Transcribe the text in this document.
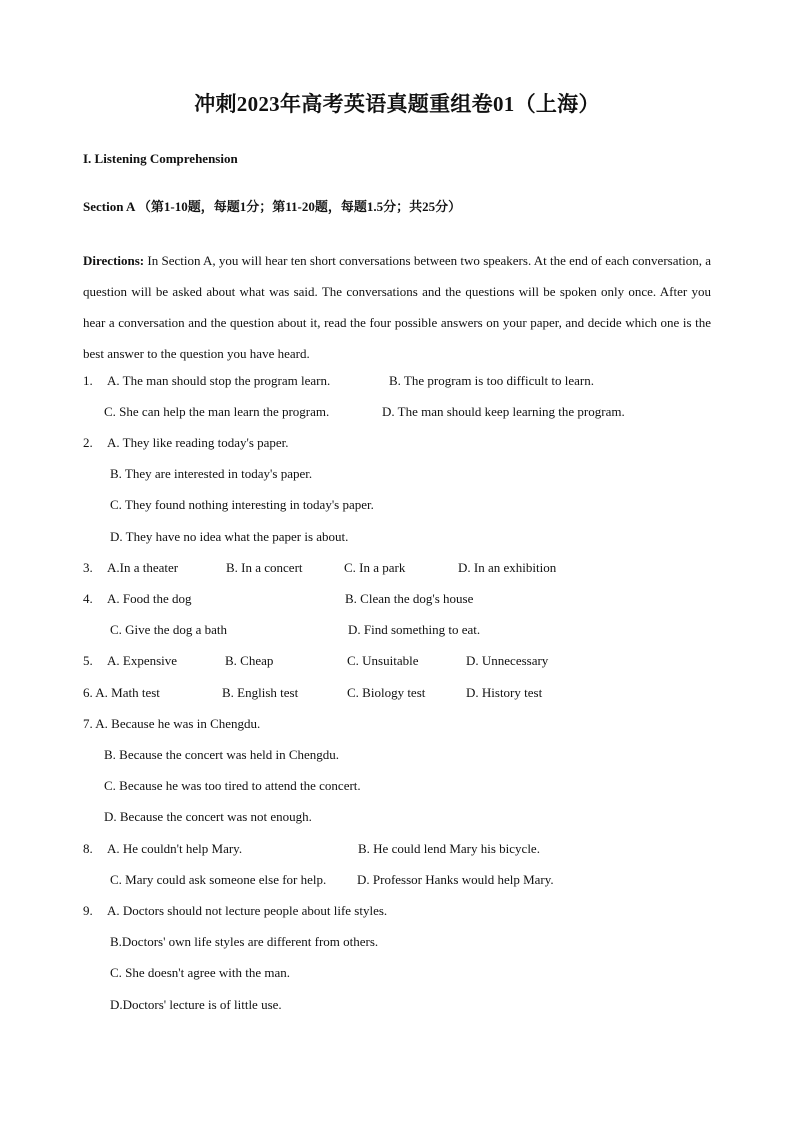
冲刺2023年高考英语真题重组卷01（上海）
I. Listening Comprehension
Section A （第1-10题，每题1分；第11-20题，每题1.5分；共25分）
Directions: In Section A, you will hear ten short conversations between two speakers. At the end of each conversation, a question will be asked about what was said. The conversations and the questions will be spoken only once. After you hear a conversation and the question about it, read the four possible answers on your paper, and decide which one is the best answer to the question you have heard.
1. A. The man should stop the program learn.	B. The program is too difficult to learn.
C. She can help the man learn the program.	D. The man should keep learning the program.
2. A. They like reading today's paper.
B. They are interested in today's paper.
C. They found nothing interesting in today's paper.
D. They have no idea what the paper is about.
3. A.In a theater	B. In a concert	C. In a park	D. In an exhibition
4. A. Food the dog	B. Clean the dog's house
C. Give the dog a bath	D. Find something to eat.
5. A. Expensive	B. Cheap	C. Unsuitable	D. Unnecessary
6. A. Math test	B. English test	C. Biology test	D. History test
7. A. Because he was in Chengdu.
B. Because the concert was held in Chengdu.
C. Because he was too tired to attend the concert.
D. Because the concert was not enough.
8. A. He couldn't help Mary.	B. He could lend Mary his bicycle.
C. Mary could ask someone else for help. D. Professor Hanks would help Mary.
9. A. Doctors should not lecture people about life styles.
B.Doctors' own life styles are different from others.
C. She doesn't agree with the man.
D.Doctors' lecture is of little use.
